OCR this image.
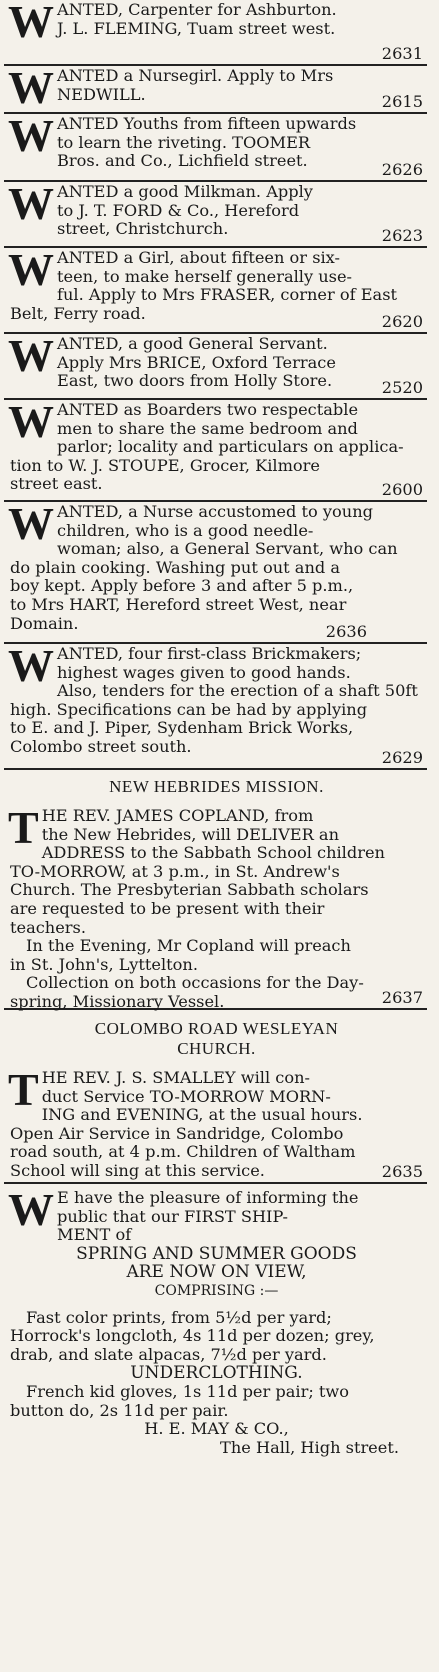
W ANTED, Carpenter for Ashburton.

J. L. FLEMING, Tuam street west.

2631
W ANTED a Nursegirl. Apply to Mrs

NEDWILL.	2615
W ANTED Youths from fifteen upwards

to learn the riveting. TOOMER

Bros. and Co., Lichfield street.	2626
W ANTED a good Milkman. Apply

to J. T. FORD & Co., Hereford

street, Christchurch.	2623
W ANTED a Girl, about fifteen or six-

teen, to make herself generally use-

ful. Apply to Mrs FRASER, corner of East

Belt, Ferry road.	2620
W ANTED, a good General Servant.

Apply Mrs BRICE, Oxford Terrace

East, two doors from Holly Store.	2520
W ANTED as Boarders two respectable

men to share the same bedroom and

parlor; locality and particulars on applica-

tion to W. J. STOUPE, Grocer, Kilmore

street east.	2600
W ANTED, a Nurse accustomed to young

children, who is a good needle-

woman; also, a General Servant, who can

do plain cooking. Washing put out and a

boy kept. Apply before 3 and after 5 p.m.,

to Mrs HART, Hereford street West, near

Domain.	2636
W ANTED, four first-class Brickmakers;

highest wages given to good hands.

Also, tenders for the erection of a shaft 50ft

high. Specifications can be had by applying

to E. and J. Piper, Sydenham Brick Works,

Colombo street south.

2629
NEW HEBRIDES MISSION.
T HE REV. JAMES COPLAND, from

the New Hebrides, will DELIVER an

ADDRESS to the Sabbath School children

TO-MORROW, at 3 p.m., in St. Andrew's

Church. The Presbyterian Sabbath scholars

are requested to be present with their

teachers.

In the Evening, Mr Copland will preach

in St. John's, Lyttelton.

Collection on both occasions for the Day-

spring, Missionary Vessel.	2637
COLOMBO ROAD WESLEYAN
CHURCH.
T HE REV. J. S. SMALLEY will con-

duct Service TO-MORROW MORN-

ING and EVENING, at the usual hours.

Open Air Service in Sandridge, Colombo

road south, at 4 p.m. Children of Waltham

School will sing at this service.	2635
W E have the pleasure of informing the

public that our FIRST SHIP-

MENT of

SPRING AND SUMMER GOODS

ARE NOW ON VIEW,

COMPRISING :—

Fast color prints, from 5½d per yard;

Horrock's longcloth, 4s 11d per dozen; grey,

drab, and slate alpacas, 7½d per yard.

UNDERCLOTHING.

French kid gloves, 1s 11d per pair; two

button do, 2s 11d per pair.

H. E. MAY & CO.,

The Hall, High street.
